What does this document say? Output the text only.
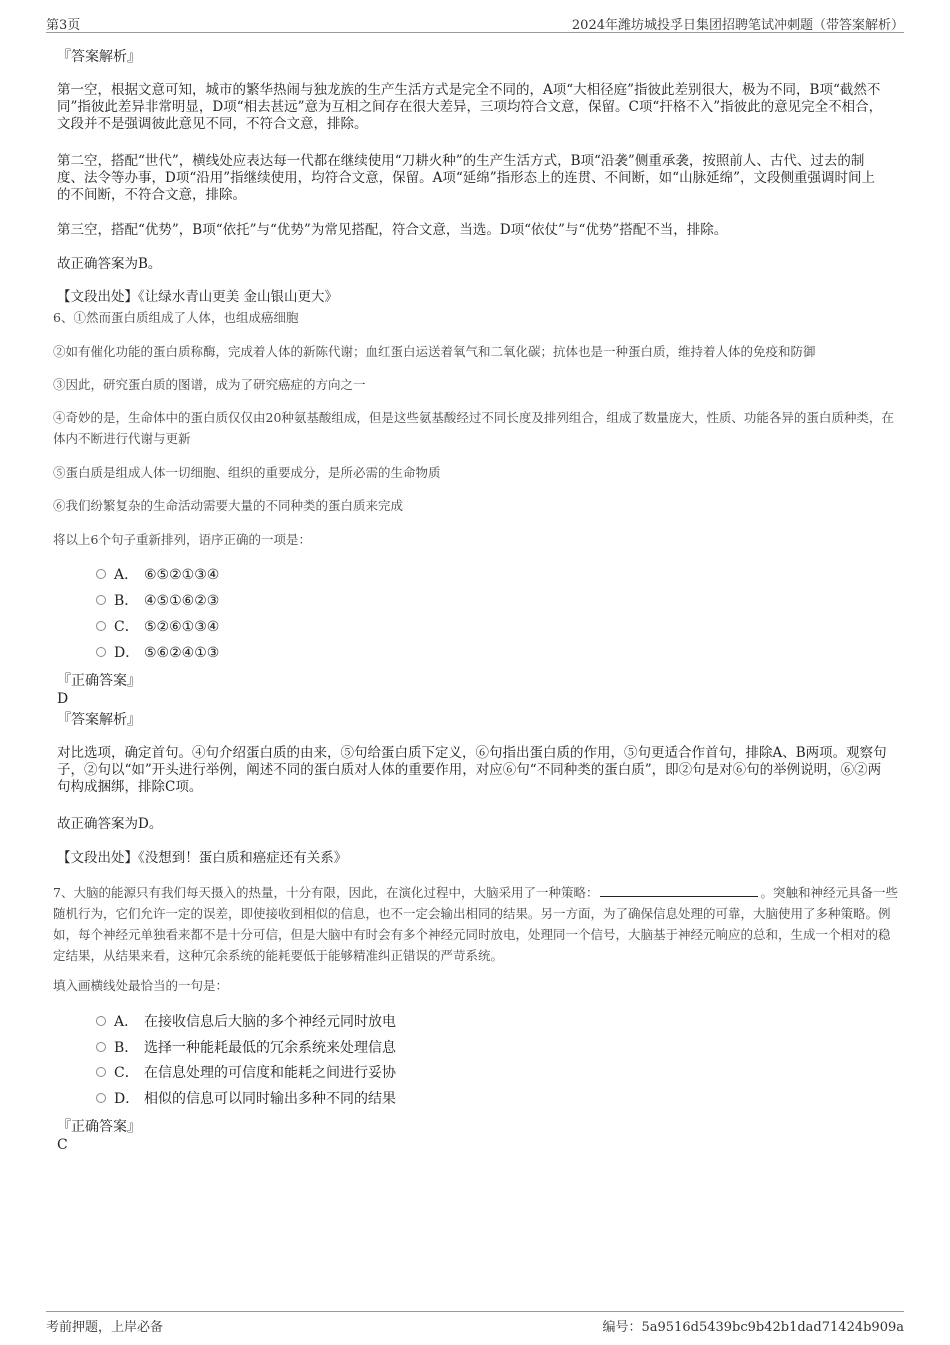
第3页	2024年潍坊城投孚日集团招聘笔试冲刺题（带答案解析）
『答案解析』
第一空，根据文意可知，城市的繁华热闹与独龙族的生产生活方式是完全不同的，A项“大相径庭”指彼此差别很大，极为不同，B项“截然不同”指彼此差异非常明显，D项“相去甚远”意为互相之间存在很大差异，三项均符合文意，保留。C项“扞格不入”指彼此的意见完全不相合，文段并不是强调彼此意见不同，不符合文意，排除。
第二空，搭配“世代”，横线处应表达每一代都在继续使用“刀耕火种”的生产生活方式，B项“沿袭”侧重承袭，按照前人、古代、过去的制度、法令等办事，D项“沿用”指继续使用，均符合文意，保留。A项“延绵”指形态上的连贯、不间断，如“山脉延绵”，文段侧重强调时间上的不间断，不符合文意，排除。
第三空，搭配“优势”，B项“依托”与“优势”为常见搭配，符合文意，当选。D项“依仗”与“优势”搭配不当，排除。
故正确答案为B。
【文段出处】《让绿水青山更美 金山银山更大》
6、①然而蛋白质组成了人体，也组成癌细胞
②如有催化功能的蛋白质称酶，完成着人体的新陈代谢；血红蛋白运送着氧气和二氧化碳；抗体也是一种蛋白质，维持着人体的免疫和防御
③因此，研究蛋白质的图谱，成为了研究癌症的方向之一
④奇妙的是，生命体中的蛋白质仅仅由20种氨基酸组成，但是这些氨基酸经过不同长度及排列组合，组成了数量庞大，性质、功能各异的蛋白质种类，在体内不断进行代谢与更新
⑤蛋白质是组成人体一切细胞、组织的重要成分，是所必需的生命物质
⑥我们纷繁复杂的生命活动需要大量的不同种类的蛋白质来完成
将以上6个句子重新排列，语序正确的一项是：
A． ⑥⑤②①③④
B． ④⑤①⑥②③
C． ⑤②⑥①③④
D． ⑤⑥②④①③
『正确答案』
D
『答案解析』
对比选项，确定首句。④句介绍蛋白质的由来，⑤句给蛋白质下定义，⑥句指出蛋白质的作用，⑤句更适合作首句，排除A、B两项。观察句子，②句以“如”开头进行举例，阐述不同的蛋白质对人体的重要作用，对应⑥句“不同种类的蛋白质”，即②句是对⑥句的举例说明，⑥②两句构成捆绑，排除C项。
故正确答案为D。
【文段出处】《没想到！蛋白质和癌症还有关系》
7、大脑的能源只有我们每天摄入的热量，十分有限，因此，在演化过程中，大脑采用了一种策略：	。突触和神经元具备一些随机行为，它们允许一定的误差，即使接收到相似的信息，也不一定会输出相同的结果。另一方面，为了确保信息处理的可靠，大脑使用了多种策略。例如，每个神经元单独看来都不是十分可信，但是大脑中有时会有多个神经元同时放电，处理同一个信号，大脑基于神经元响应的总和，生成一个相对的稳定结果，从结果来看，这种冗余系统的能耗要低于能够精准纠正错误的严苛系统。
填入画横线处最恰当的一句是：
A． 在接收信息后大脑的多个神经元同时放电
B． 选择一种能耗最低的冗余系统来处理信息
C． 在信息处理的可信度和能耗之间进行妥协
D． 相似的信息可以同时输出多种不同的结果
『正确答案』
C
考前押题，上岸必备	编号：5a9516d5439bc9b42b1dad71424b909a
